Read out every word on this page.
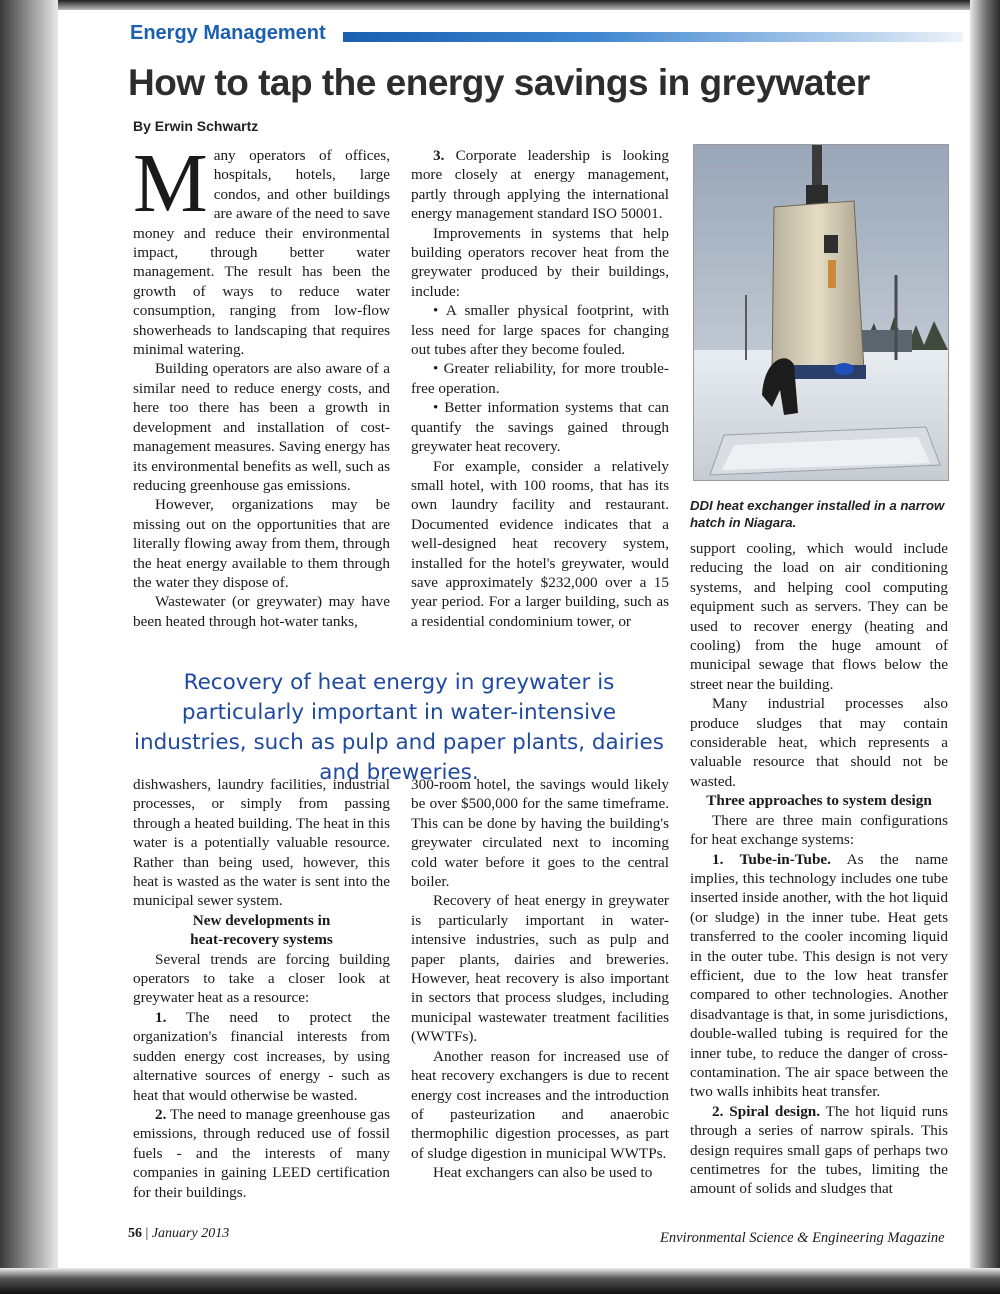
Energy Management
How to tap the energy savings in greywater
By Erwin Schwartz

Many operators of offices, hospitals, hotels, large condos, and other buildings are aware of the need to save money and reduce their environmental impact, through better water management. The result has been the growth of ways to reduce water consumption, ranging from low-flow showerheads to landscaping that requires minimal watering.

Building operators are also aware of a similar need to reduce energy costs, and here too there has been a growth in development and installation of cost-management measures. Saving energy has its environmental benefits as well, such as reducing greenhouse gas emissions.

However, organizations may be missing out on the opportunities that are literally flowing away from them, through the heat energy available to them through the water they dispose of.

Wastewater (or greywater) may have been heated through hot-water tanks,

3. Corporate leadership is looking more closely at energy management, partly through applying the international energy management standard ISO 50001.

Improvements in systems that help building operators recover heat from the greywater produced by their buildings, include:

• A smaller physical footprint, with less need for large spaces for changing out tubes after they become fouled.

• Greater reliability, for more trouble-free operation.

• Better information systems that can quantify the savings gained through greywater heat recovery.

For example, consider a relatively small hotel, with 100 rooms, that has its own laundry facility and restaurant. Documented evidence indicates that a well-designed heat recovery system, installed for the hotel's greywater, would save approximately $232,000 over a 15 year period. For a larger building, such as a residential condominium tower, or

DDI heat exchanger installed in a narrow hatch in Niagara.
Recovery of heat energy in greywater is particularly important in water-intensive industries, such as pulp and paper plants, dairies and breweries.

dishwashers, laundry facilities, industrial processes, or simply from passing through a heated building. The heat in this water is a potentially valuable resource. Rather than being used, however, this heat is wasted as the water is sent into the municipal sewer system.

New developments in

heat-recovery systems

Several trends are forcing building operators to take a closer look at greywater heat as a resource:

1. The need to protect the organization's financial interests from sudden energy cost increases, by using alternative sources of energy - such as heat that would otherwise be wasted.

2. The need to manage greenhouse gas emissions, through reduced use of fossil fuels - and the interests of many companies in gaining LEED certification for their buildings.

300-room hotel, the savings would likely be over $500,000 for the same timeframe. This can be done by having the building's greywater circulated next to incoming cold water before it goes to the central boiler.

Recovery of heat energy in greywater is particularly important in water-intensive industries, such as pulp and paper plants, dairies and breweries. However, heat recovery is also important in sectors that process sludges, including municipal wastewater treatment facilities (WWTFs).

Another reason for increased use of heat recovery exchangers is due to recent energy cost increases and the introduction of pasteurization and anaerobic thermophilic digestion processes, as part of sludge digestion in municipal WWTPs.

Heat exchangers can also be used to

support cooling, which would include reducing the load on air conditioning systems, and helping cool computing equipment such as servers. They can be used to recover energy (heating and cooling) from the huge amount of municipal sewage that flows below the street near the building.

Many industrial processes also produce sludges that may contain considerable heat, which represents a valuable resource that should not be wasted.

Three approaches to system design

There are three main configurations for heat exchange systems:

1. Tube-in-Tube. As the name implies, this technology includes one tube inserted inside another, with the hot liquid (or sludge) in the inner tube. Heat gets transferred to the cooler incoming liquid in the outer tube. This design is not very efficient, due to the low heat transfer compared to other technologies. Another disadvantage is that, in some jurisdictions, double-walled tubing is required for the inner tube, to reduce the danger of cross-contamination. The air space between the two walls inhibits heat transfer.

2. Spiral design. The hot liquid runs through a series of narrow spirals. This design requires small gaps of perhaps two centimetres for the tubes, limiting the amount of solids and sludges that

56 | January 2013	Environmental Science & Engineering Magazine
